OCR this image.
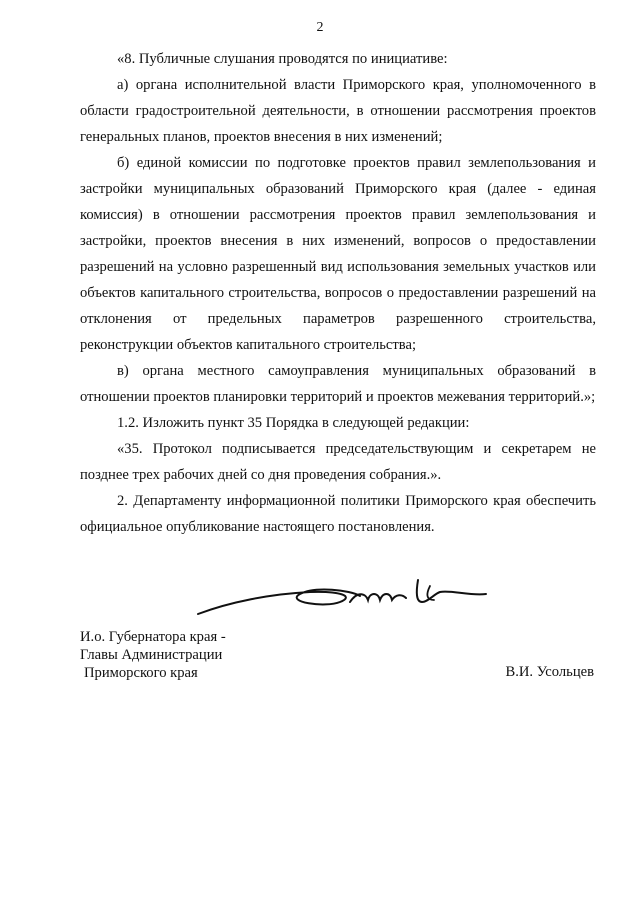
2

«8. Публичные слушания проводятся по инициативе:

а) органа исполнительной власти Приморского края, уполномоченного в области градостроительной деятельности, в отношении рассмотрения проектов генеральных планов, проектов внесения в них изменений;

б) единой комиссии по подготовке проектов правил землепользования и застройки муниципальных образований Приморского края (далее - единая комиссия) в отношении рассмотрения проектов правил землепользования и застройки, проектов внесения в них изменений, вопросов о предоставлении разрешений на условно разрешенный вид использования земельных участков или объектов капитального строительства, вопросов о предоставлении разрешений на отклонения от предельных параметров разрешенного строительства, реконструкции объектов капитального строительства;

в) органа местного самоуправления муниципальных образований в отношении проектов планировки территорий и проектов межевания территорий.»;

1.2. Изложить пункт 35 Порядка в следующей редакции:

«35. Протокол подписывается председательствующим и секретарем не позднее трех рабочих дней со дня проведения собрания.».

2. Департаменту информационной политики Приморского края обеспечить официальное опубликование настоящего постановления.

И.о. Губернатора края -
Главы Администрации
Приморского края	В.И. Усольцев
